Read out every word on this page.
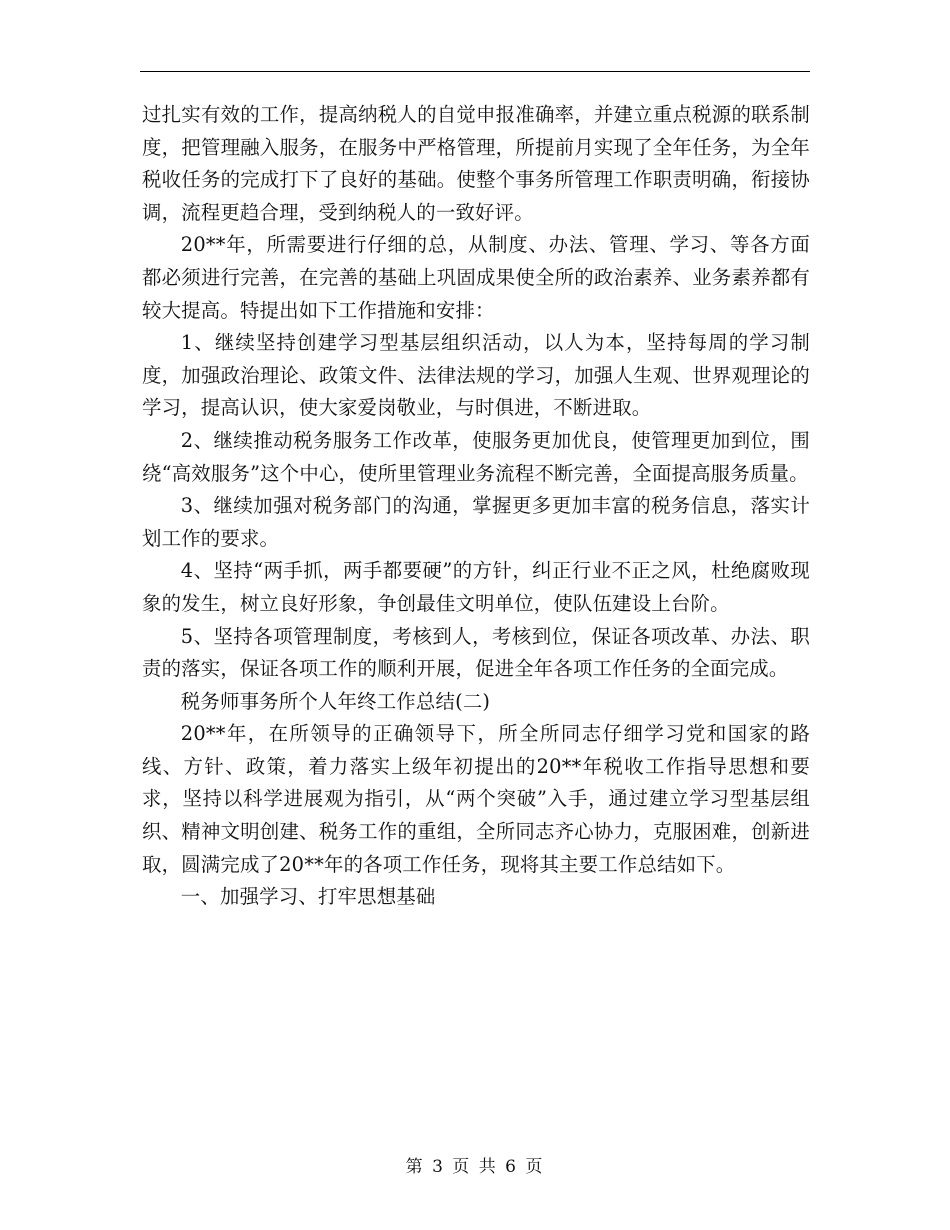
过扎实有效的工作，提高纳税人的自觉申报准确率，并建立重点税源的联系制度，把管理融入服务，在服务中严格管理，所提前月实现了全年任务，为全年税收任务的完成打下了良好的基础。使整个事务所管理工作职责明确，衔接协调，流程更趋合理，受到纳税人的一致好评。

20**年，所需要进行仔细的总，从制度、办法、管理、学习、等各方面都必须进行完善，在完善的基础上巩固成果使全所的政治素养、业务素养都有较大提高。特提出如下工作措施和安排：

1、继续坚持创建学习型基层组织活动，以人为本，坚持每周的学习制度，加强政治理论、政策文件、法律法规的学习，加强人生观、世界观理论的学习，提高认识，使大家爱岗敬业，与时俱进，不断进取。

2、继续推动税务服务工作改革，使服务更加优良，使管理更加到位，围绕“高效服务”这个中心，使所里管理业务流程不断完善，全面提高服务质量。

3、继续加强对税务部门的沟通，掌握更多更加丰富的税务信息，落实计划工作的要求。

4、坚持“两手抓，两手都要硬”的方针，纠正行业不正之风，杜绝腐败现象的发生，树立良好形象，争创最佳文明单位，使队伍建设上台阶。

5、坚持各项管理制度，考核到人，考核到位，保证各项改革、办法、职责的落实，保证各项工作的顺利开展，促进全年各项工作任务的全面完成。

税务师事务所个人年终工作总结(二)

20**年，在所领导的正确领导下，所全所同志仔细学习党和国家的路线、方针、政策，着力落实上级年初提出的20**年税收工作指导思想和要求，坚持以科学进展观为指引，从“两个突破”入手，通过建立学习型基层组织、精神文明创建、税务工作的重组，全所同志齐心协力，克服困难，创新进取，圆满完成了20**年的各项工作任务，现将其主要工作总结如下。

一、加强学习、打牢思想基础

第 3 页 共 6 页
